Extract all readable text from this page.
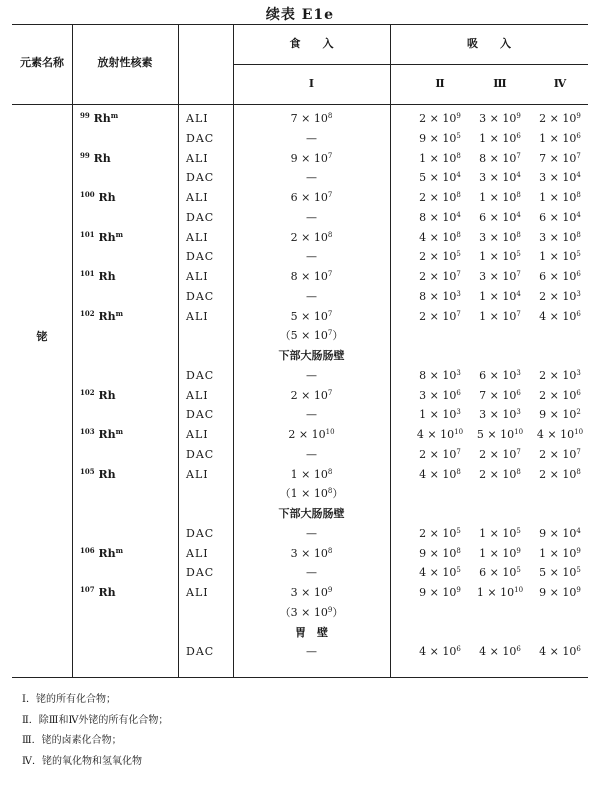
续表 E1e
元素名称	放射性核素
食　　入	吸　　入
I	Ⅱ	Ⅲ	Ⅳ
铑
$^{99}$ Rh$^m$	ALI	$7 \times 10^8$	$2 \times 10^9$	$3 \times 10^9$	$2 \times 10^9$
DAC	—	$9 \times 10^5$	$1 \times 10^6$	$1 \times 10^6$
$^{99}$ Rh	ALI	$9 \times 10^7$	$1 \times 10^8$	$8 \times 10^7$	$7 \times 10^7$
DAC	—	$5 \times 10^4$	$3 \times 10^4$	$3 \times 10^4$
$^{100}$ Rh	ALI	$6 \times 10^7$	$2 \times 10^8$	$1 \times 10^8$	$1 \times 10^8$
DAC	—	$8 \times 10^4$	$6 \times 10^4$	$6 \times 10^4$
$^{101}$ Rh$^m$	ALI	$2 \times 10^8$	$4 \times 10^8$	$3 \times 10^8$	$3 \times 10^8$
DAC	—	$2 \times 10^5$	$1 \times 10^5$	$1 \times 10^5$
$^{101}$ Rh	ALI	$8 \times 10^7$	$2 \times 10^7$	$3 \times 10^7$	$6 \times 10^6$
DAC	—	$8 \times 10^3$	$1 \times 10^4$	$2 \times 10^3$
$^{102}$ Rh$^m$	ALI	$5 \times 10^7$	$2 \times 10^7$	$1 \times 10^7$	$4 \times 10^6$
$(5 \times 10^7)$
下部大肠肠壁
DAC	—	$8 \times 10^3$	$6 \times 10^3$	$2 \times 10^3$
$^{102}$ Rh	ALI	$2 \times 10^7$	$3 \times 10^6$	$7 \times 10^6$	$2 \times 10^6$
DAC	—	$1 \times 10^3$	$3 \times 10^3$	$9 \times 10^2$
$^{103}$ Rh$^m$	ALI	$2 \times 10^{10}$	$4 \times 10^{10}$	$5 \times 10^{10}$	$4 \times 10^{10}$
DAC	—	$2 \times 10^7$	$2 \times 10^7$	$2 \times 10^7$
$^{105}$ Rh	ALI	$1 \times 10^8$	$4 \times 10^8$	$2 \times 10^8$	$2 \times 10^8$
$(1 \times 10^8)$
下部大肠肠壁
DAC	—	$2 \times 10^5$	$1 \times 10^5$	$9 \times 10^4$
$^{106}$ Rh$^m$	ALI	$3 \times 10^8$	$9 \times 10^8$	$1 \times 10^9$	$1 \times 10^9$
DAC	—	$4 \times 10^5$	$6 \times 10^5$	$5 \times 10^5$
$^{107}$ Rh	ALI	$3 \times 10^9$	$9 \times 10^9$	$1 \times 10^{10}$	$9 \times 10^9$
$(3 \times 10^9)$
胃　壁
DAC	—	$4 \times 10^6$	$4 \times 10^6$	$4 \times 10^6$
Ⅰ．铑的所有化合物；
Ⅱ．除Ⅲ和Ⅳ外铑的所有化合物；
Ⅲ．铑的卤素化合物；
Ⅳ．铑的氧化物和氢氧化物
